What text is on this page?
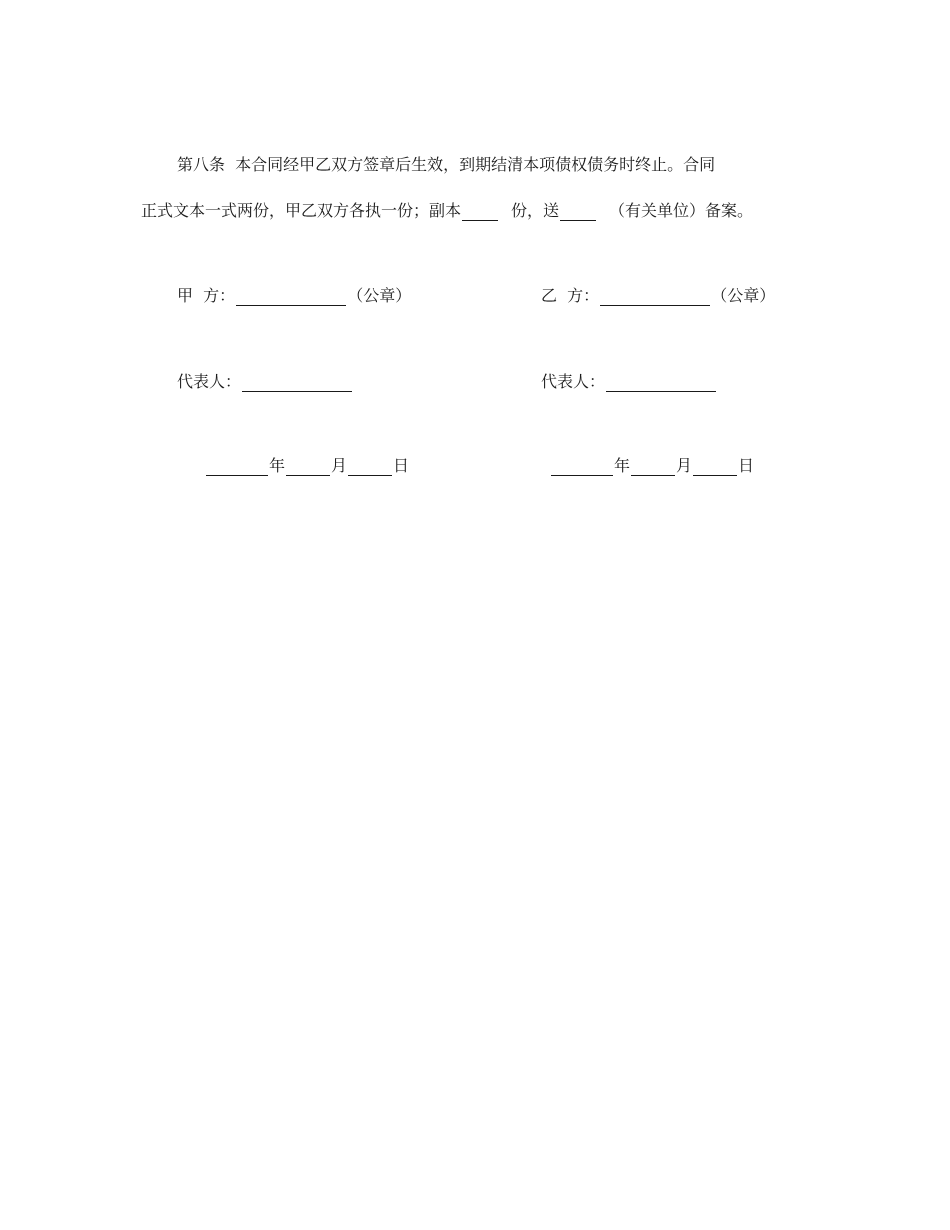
第八条  本合同经甲乙双方签章后生效，到期结清本项债权债务时终止。合同
正式文本一式两份，甲乙双方各执一份；副本	份，送	（有关单位）备案。
甲  方：	（公章）	乙  方：	（公章）
代表人：	代表人：
年	月	日	年	月	日
